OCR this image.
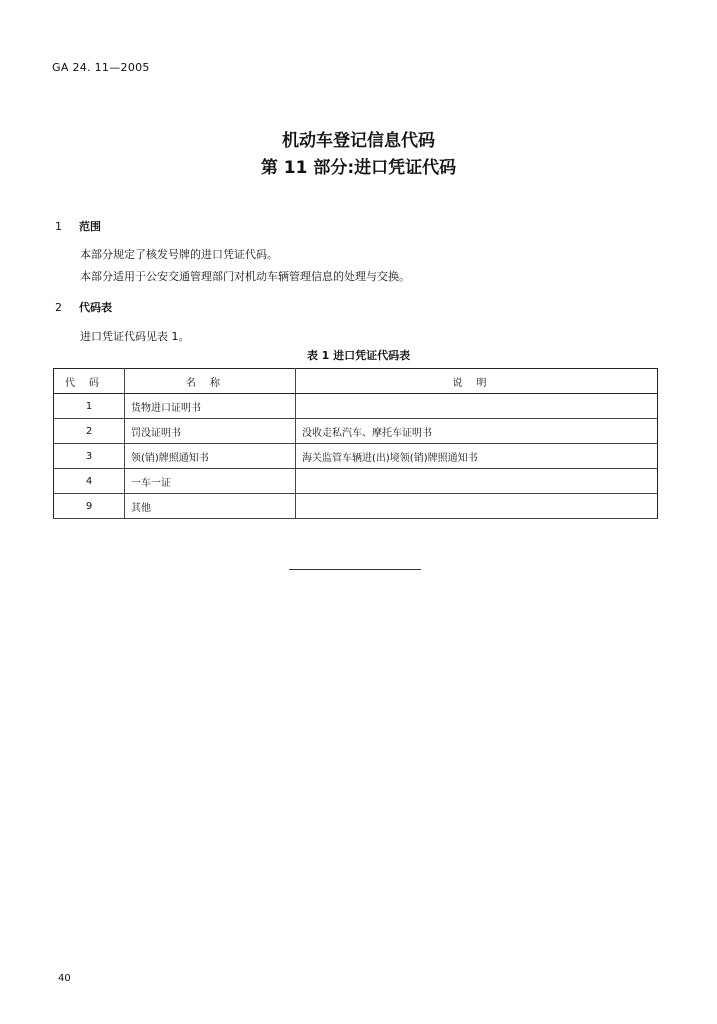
GA 24. 11—2005
机动车登记信息代码
第 11 部分:进口凭证代码
1 范围
本部分规定了核发号牌的进口凭证代码。
本部分适用于公安交通管理部门对机动车辆管理信息的处理与交换。
2 代码表
进口凭证代码见表 1。
表 1 进口凭证代码表
代码	名称	说明
1	货物进口证明书	
2	罚没证明书	没收走私汽车、摩托车证明书
3	领(销)牌照通知书	海关监管车辆进(出)境领(销)牌照通知书
4	一车一证	
9	其他	
40
